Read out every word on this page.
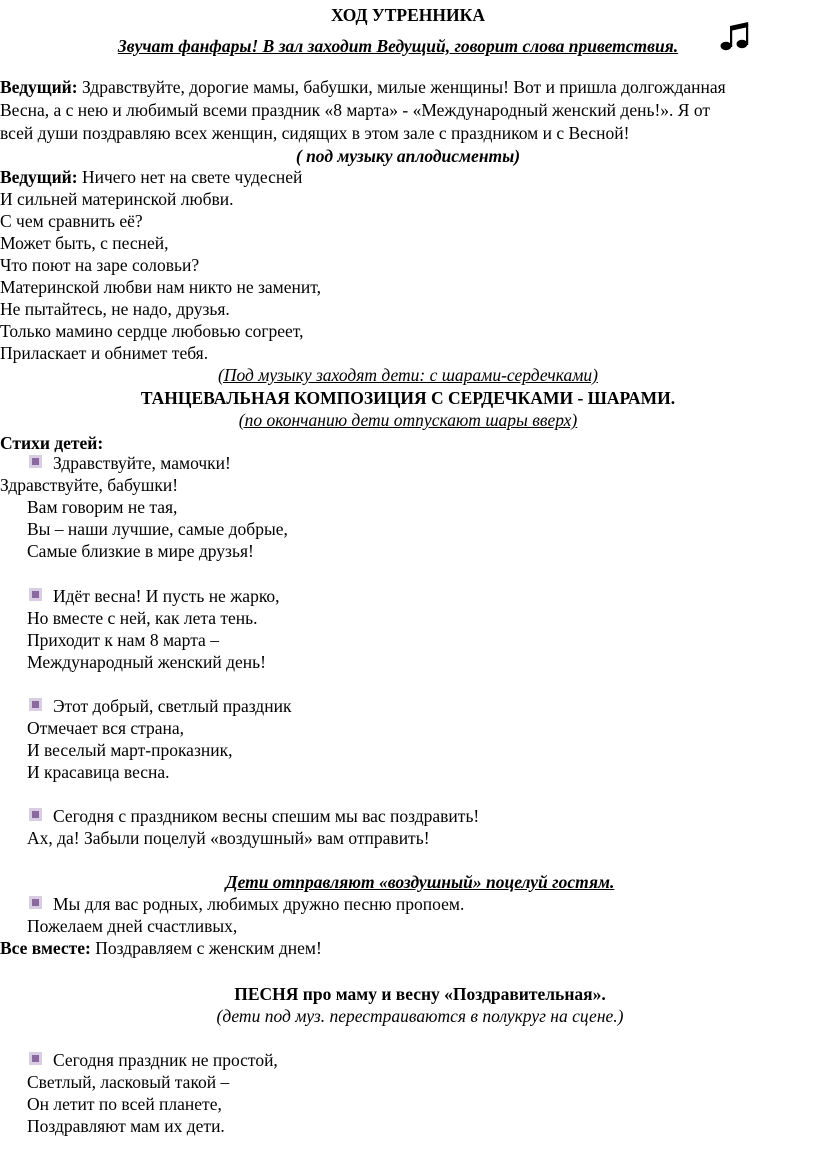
ХОД УТРЕННИКА
Звучат фанфары! В зал заходит Ведущий, говорит слова приветствия.
Ведущий: Здравствуйте, дорогие мамы, бабушки, милые женщины! Вот и пришла долгожданная
Весна, а с нею и любимый всеми праздник «8 марта» - «Международный женский день!». Я от
всей души поздравляю всех женщин, сидящих в этом зале с праздником и с Весной!
( под музыку аплодисменты)
Ведущий: Ничего нет на свете чудесней
И сильней материнской любви.
С чем сравнить её?
Может быть, с песней,
Что поют на заре соловьи?
Материнской любви нам никто не заменит,
Не пытайтесь, не надо, друзья.
Только мамино сердце любовью согреет,
Приласкает и обнимет тебя.
(Под музыку заходят дети: с шарами-сердечками)
ТАНЦЕВАЛЬНАЯ КОМПОЗИЦИЯ С СЕРДЕЧКАМИ - ШАРАМИ.
(по окончанию дети отпускают шары вверх)
Стихи детей:
Здравствуйте, мамочки!
Здравствуйте, бабушки!
Вам говорим не тая,
Вы – наши лучшие, самые добрые,
Самые близкие в мире друзья!
Идёт весна! И пусть не жарко,
Но вместе с ней, как лета тень.
Приходит к нам 8 марта –
Международный женский день!
Этот добрый, светлый праздник
Отмечает вся страна,
И веселый март-проказник,
И красавица весна.
Сегодня с праздником весны спешим мы вас поздравить!
Ах, да! Забыли поцелуй «воздушный» вам отправить!
Дети отправляют «воздушный» поцелуй гостям.
Мы для вас родных, любимых дружно песню пропоем.
Пожелаем дней счастливых,
Все вместе: Поздравляем с женским днем!
ПЕСНЯ про маму и весну «Поздравительная».
(дети под муз. перестраиваются в полукруг на сцене.)
Сегодня праздник не простой,
Светлый, ласковый такой –
Он летит по всей планете,
Поздравляют мам их дети.
